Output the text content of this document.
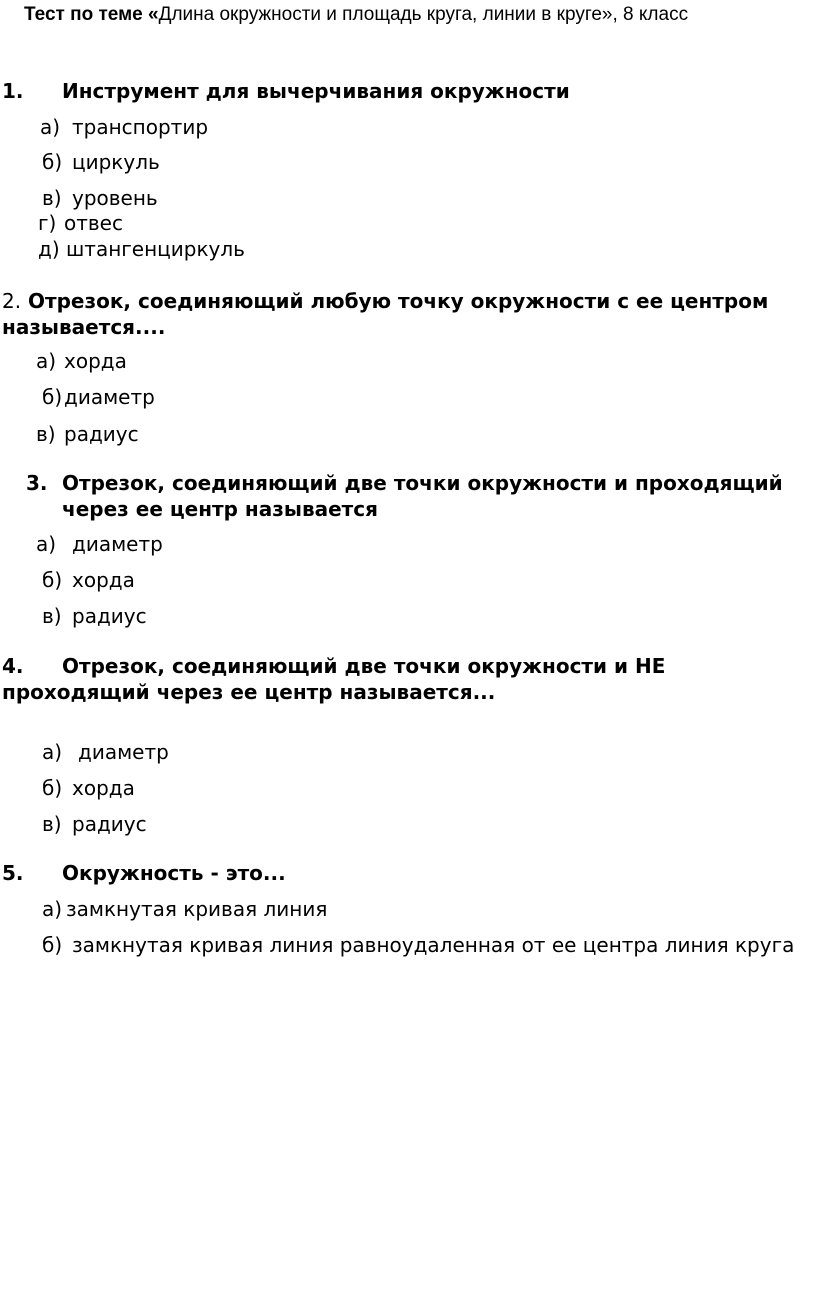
Тест по теме «Длина окружности и площадь круга, линии в круге», 8 класс
1. Инструмент для вычерчивания окружности
а) транспортир
б) циркуль
в) уровень
г) отвес
д) штангенциркуль
2. Отрезок, соединяющий любую точку окружности с ее центром называется....
а) хорда
б)диаметр
в) радиус
3. Отрезок, соединяющий две точки окружности и проходящий через ее центр называется
а) диаметр
б) хорда
в) радиус
4. Отрезок, соединяющий две точки окружности и НЕ проходящий через ее центр называется...
а) диаметр
б) хорда
в) радиус
5. Окружность - это...
а) замкнутая кривая линия
б) замкнутая кривая линия равноудаленная от ее центра линия круга
